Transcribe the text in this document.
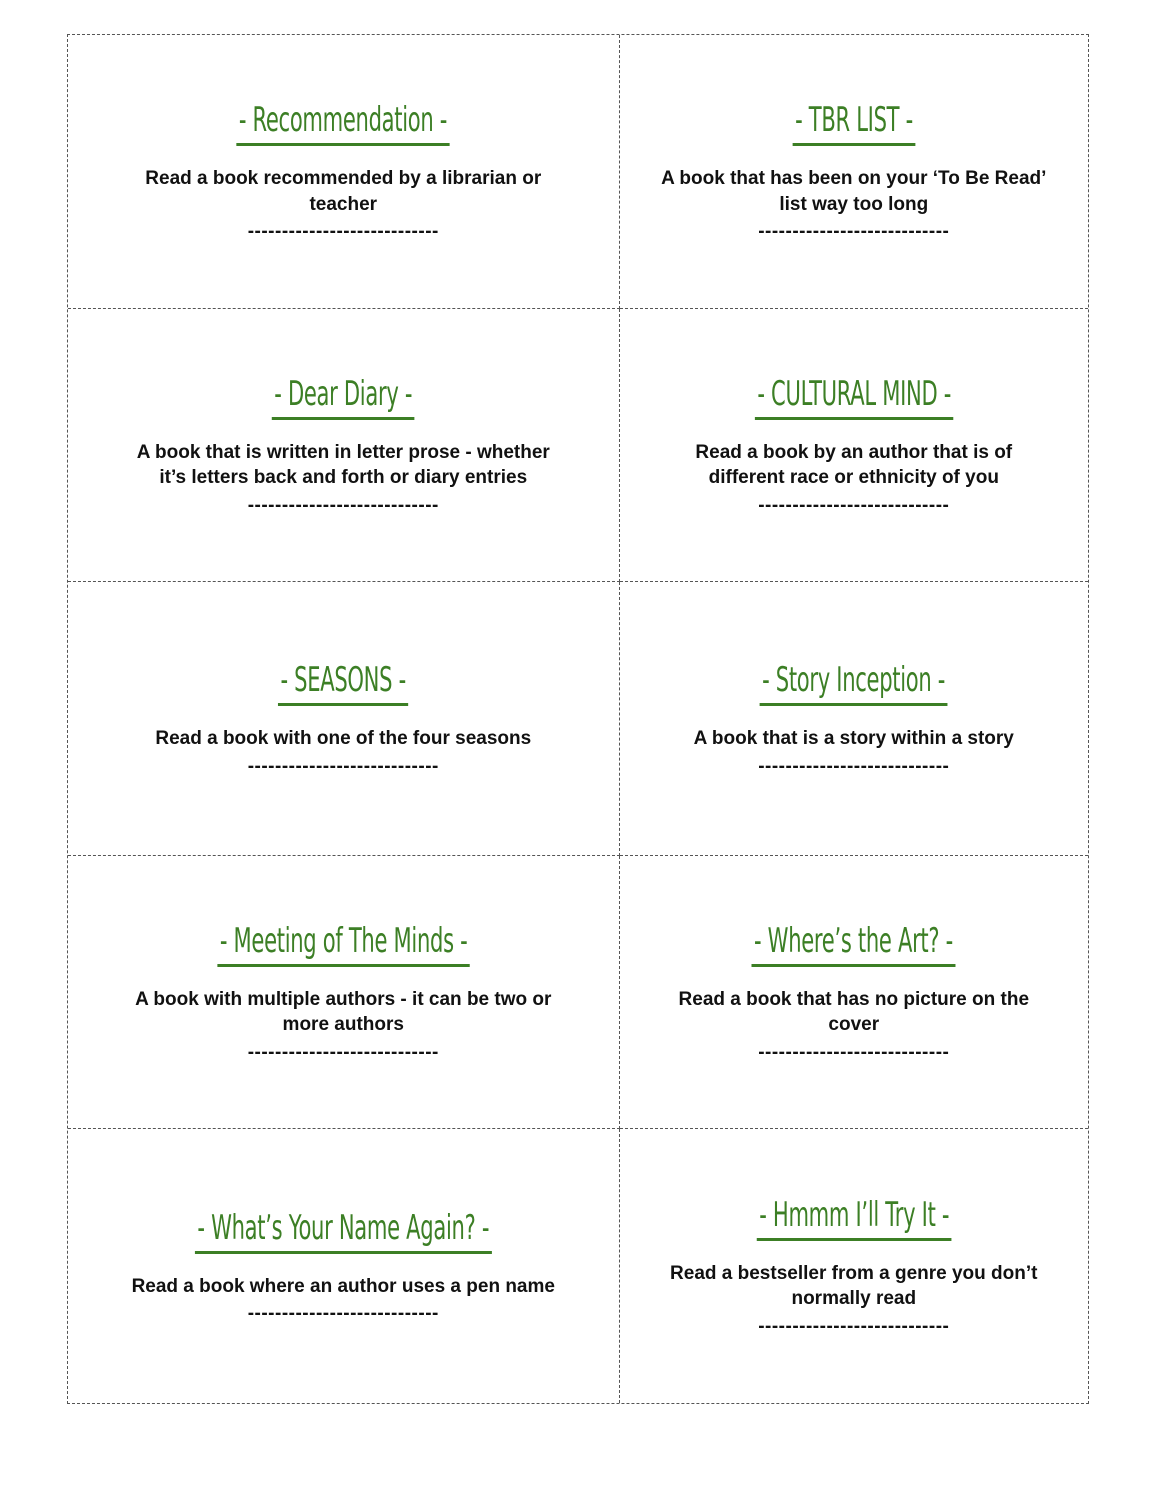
- Recommendation -
Read a book recommended by a librarian or teacher
----------------------------
- TBR LIST -
A book that has been on your ‘To Be Read’ list way too long
----------------------------
- Dear Diary -
A book that is written in letter prose - whether it’s letters back and forth or diary entries
----------------------------
- CULTURAL MIND -
Read a book by an author that is of different race or ethnicity of you
----------------------------
- SEASONS -
Read a book with one of the four seasons
----------------------------
- Story Inception -
A book that is a story within a story
----------------------------
- Meeting of The Minds -
A book with multiple authors - it can be two or more authors
----------------------------
- Where’s the Art? -
Read a book that has no picture on the cover
----------------------------
- What’s Your Name Again? -
Read a book where an author uses a pen name
----------------------------
- Hmmm I’ll Try It -
Read a bestseller from a genre you don’t normally read
----------------------------
